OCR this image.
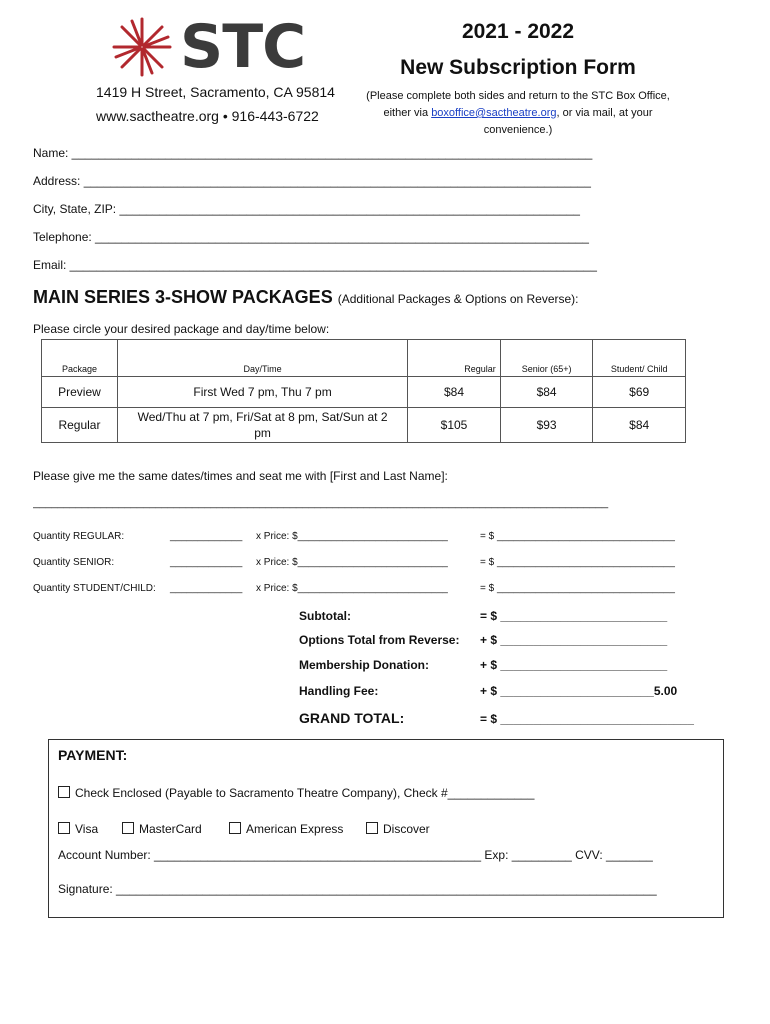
STC
1419 H Street, Sacramento, CA 95814
www.sactheatre.org • 916-443-6722
2021 - 2022
New Subscription Form
(Please complete both sides and return to the STC Box Office, either via boxoffice@sactheatre.org, or via mail, at your convenience.)
Name: ______________________________________________________________________________
Address: ____________________________________________________________________________
City, State, ZIP: _____________________________________________________________________
Telephone: __________________________________________________________________________
Email: _______________________________________________________________________________
MAIN SERIES 3-SHOW PACKAGES (Additional Packages & Options on Reverse):
Please circle your desired package and day/time below:
Package	Day/Time	Regular	Senior (65+)	Student/ Child
Preview	First Wed 7 pm, Thu 7 pm	$84	$84	$69
Regular	Wed/Thu at 7 pm, Fri/Sat at 8 pm, Sat/Sun at 2 pm	$105	$93	$84
Please give me the same dates/times and seat me with [First and Last Name]:
______________________________________________________________________________________________
Quantity REGULAR:	_____________ x Price: $___________________________	= $ ________________________________
Quantity SENIOR:	_____________ x Price: $___________________________	= $ ________________________________
Quantity STUDENT/CHILD: _____________ x Price: $___________________________	= $ ________________________________
Subtotal:	= $ _________________________
Options Total from Reverse: + $ _________________________
Membership Donation:	+ $ _________________________
Handling Fee:	+ $ _______________________5.00
GRAND TOTAL:	= $ _____________________________
PAYMENT:
Check Enclosed (Payable to Sacramento Theatre Company), Check #_____________
Visa	MasterCard	American Express	Discover
Account Number: _________________________________________________ Exp: _________ CVV: _______
Signature: _________________________________________________________________________________
